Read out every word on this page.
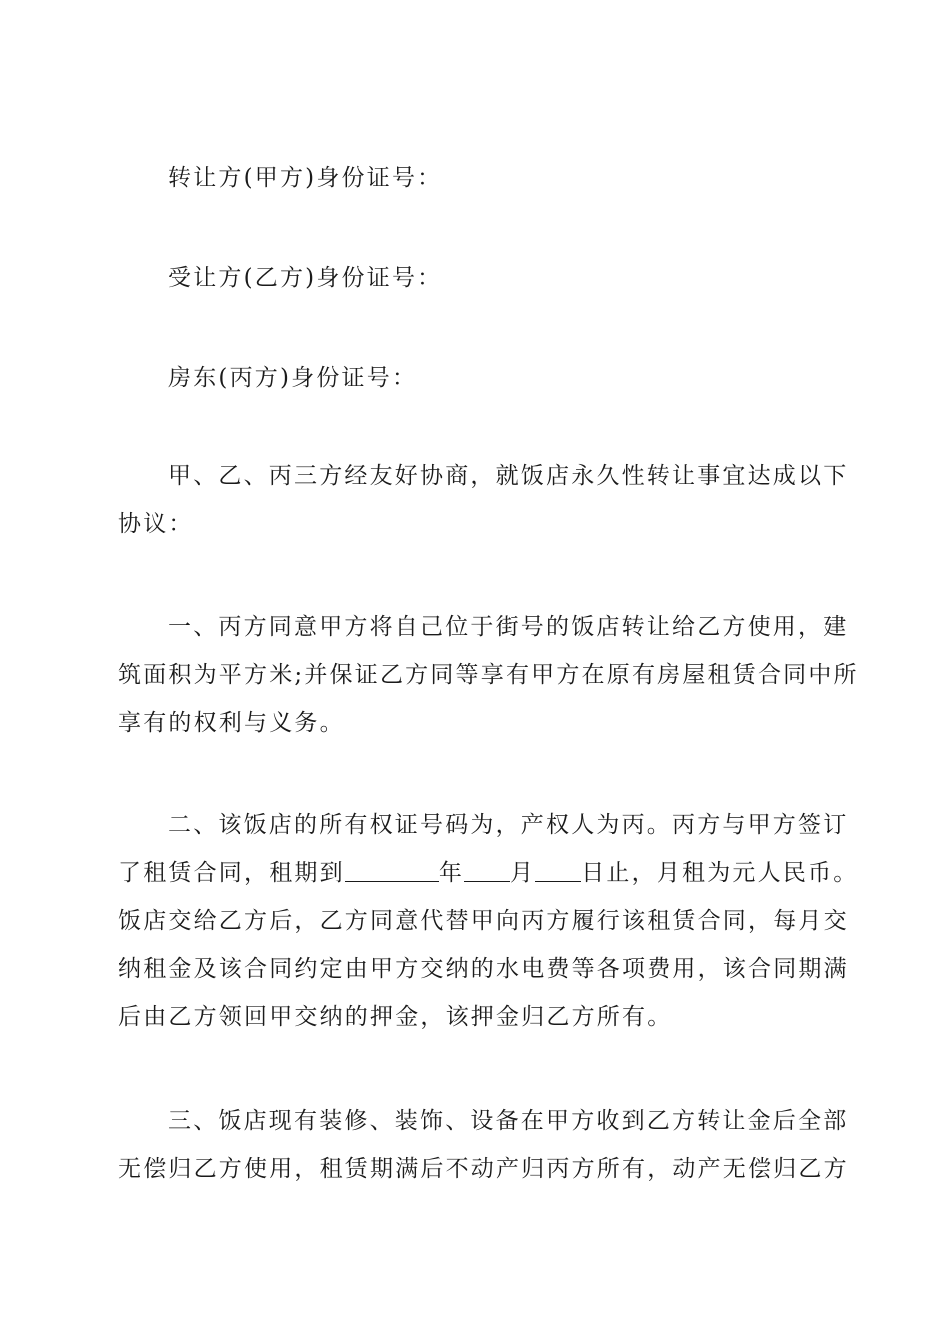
转让方(甲方)身份证号：
受让方(乙方)身份证号：
房东(丙方)身份证号：
甲、乙、丙三方经友好协商，就饭店永久性转让事宜达成以下
协议：
一、丙方同意甲方将自己位于街号的饭店转让给乙方使用，建
筑面积为平方米;并保证乙方同等享有甲方在原有房屋租赁合同中所
享有的权利与义务。
二、该饭店的所有权证号码为，产权人为丙。丙方与甲方签订
了租赁合同，租期到	年 月 日止，月租为元人民币。
饭店交给乙方后，乙方同意代替甲向丙方履行该租赁合同，每月交
纳租金及该合同约定由甲方交纳的水电费等各项费用，该合同期满
后由乙方领回甲交纳的押金，该押金归乙方所有。
三、饭店现有装修、装饰、设备在甲方收到乙方转让金后全部
无偿归乙方使用，租赁期满后不动产归丙方所有，动产无偿归乙方
